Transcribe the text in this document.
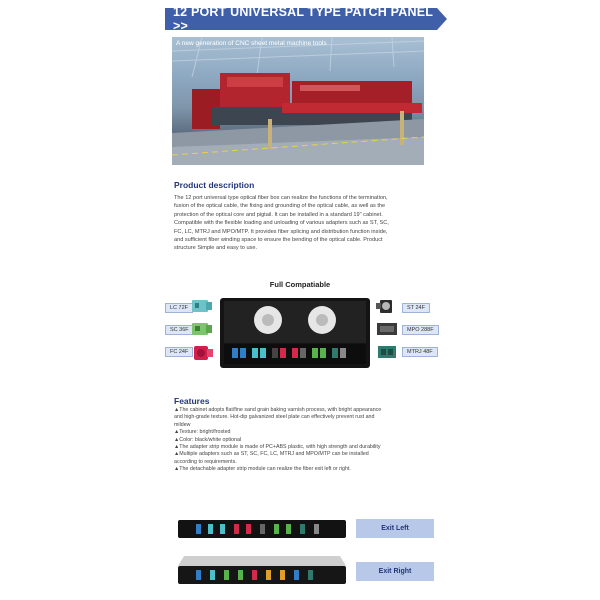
12 PORT UNIVERSAL TYPE PATCH PANEL >>
A new generation of CNC sheet metal machine tools
Product description
The 12 port universal type optical fiber box can realize the functions of the termination,
fusion of the optical cable, the fixing and grounding of the optical cable, as well as the
protection of the optical core and pigtail. It can be installed in a standard 19" cabinet.
Compatible with the flexible loading and unloading of various adapters such as ST, SC,
FC, LC, MTRJ and MPO/MTP. It provides fiber splicing and distribution function inside,
and sufficient fiber winding space to ensure the bending of the optical cable. Product
structure Simple and easy to use.
Full Compatiable
LC 72F
SC 36F
FC 24F
ST 24F
MPO 288F
MTRJ 48F
Features
▲The cabinet adopts flat/fine sand grain baking varnish process, with bright appearance
and high-grade texture. Hot-dip galvanized steel plate can effectively prevent rust and
mildew
▲Texture: bright/frosted
▲Color: black/white optional
▲The adapter strip module is made of PC+ABS plastic, with high strength and durability
▲Multiple adapters such as ST, SC, FC, LC, MTRJ and MPO/MTP can be installed
according to requirements.
▲The detachable adapter strip module can realize the fiber exit left or right.
Exit Left
Exit Right
